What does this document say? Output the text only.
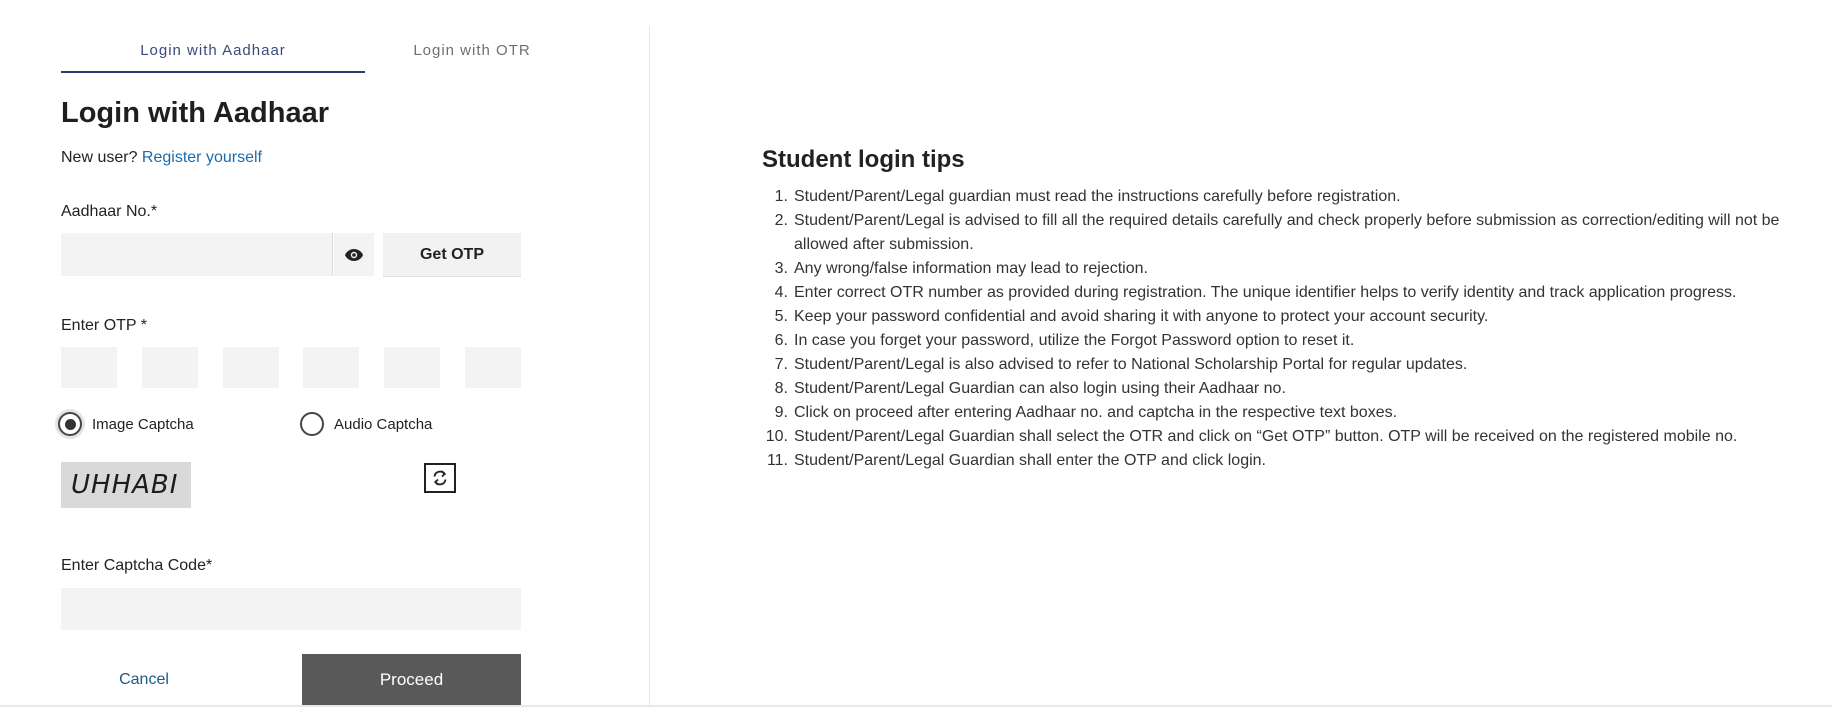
Login with Aadhaar	Login with OTR
Login with Aadhaar
New user? Register yourself
Aadhaar No.*
Get OTP
Enter OTP *
Image Captcha	Audio Captcha
UHHABI
Enter Captcha Code*
Cancel	Proceed
Student login tips
1. Student/Parent/Legal guardian must read the instructions carefully before registration.
2. Student/Parent/Legal is advised to fill all the required details carefully and check properly before submission as correction/editing will not be allowed after submission.
3. Any wrong/false information may lead to rejection.
4. Enter correct OTR number as provided during registration. The unique identifier helps to verify identity and track application progress.
5. Keep your password confidential and avoid sharing it with anyone to protect your account security.
6. In case you forget your password, utilize the Forgot Password option to reset it.
7. Student/Parent/Legal is also advised to refer to National Scholarship Portal for regular updates.
8. Student/Parent/Legal Guardian can also login using their Aadhaar no.
9. Click on proceed after entering Aadhaar no. and captcha in the respective text boxes.
10. Student/Parent/Legal Guardian shall select the OTR and click on “Get OTP” button. OTP will be received on the registered mobile no.
11. Student/Parent/Legal Guardian shall enter the OTP and click login.
